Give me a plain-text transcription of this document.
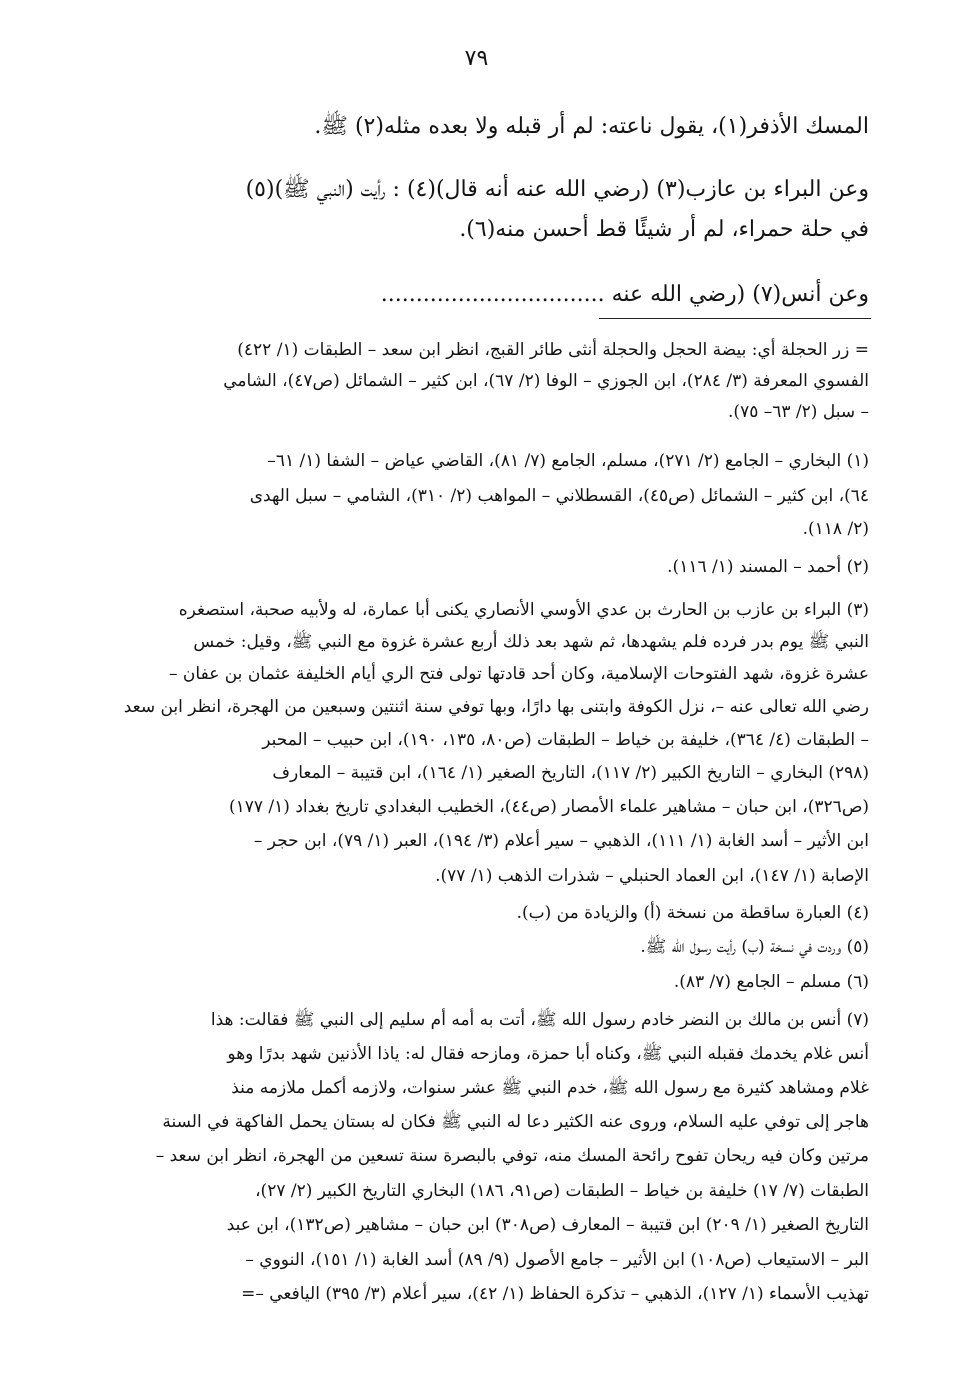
٧٩
المسك الأذفر(١)، يقول ناعته: لم أر قبله ولا بعده مثله(٢) ﷺ.
وعن البراء بن عازب(٣) (رضي الله عنه أنه قال)(٤) : رأيت (النبي ﷺ)(٥)
في حلة حمراء، لم أر شيئًا قط أحسن منه(٦).
وعن أنس(٧) (رضي الله عنه ................................
= زر الحجلة أي: بيضة الحجل والحجلة أنثى طائر القبج، انظر ابن سعد – الطبقات (١/ ٤٢٢)
الفسوي المعرفة (٣/ ٢٨٤)، ابن الجوزي – الوفا (٢/ ٦٧)، ابن كثير – الشمائل (ص٤٧)، الشامي
– سبل (٢/ ٦٣– ٧٥).
(١) البخاري – الجامع (٢/ ٢٧١)، مسلم، الجامع (٧/ ٨١)، القاضي عياض – الشفا (١/ ٦١–
٦٤)، ابن كثير – الشمائل (ص٤٥)، القسطلاني – المواهب (٢/ ٣١٠)، الشامي – سبل الهدى
(٢/ ١١٨).
(٢) أحمد – المسند (١/ ١١٦).
(٣) البراء بن عازب بن الحارث بن عدي الأوسي الأنصاري يكنى أبا عمارة، له ولأبيه صحبة، استصغره
النبي ﷺ يوم بدر فرده فلم يشهدها، ثم شهد بعد ذلك أربع عشرة غزوة مع النبي ﷺ، وقيل: خمس
عشرة غزوة، شهد الفتوحات الإسلامية، وكان أحد قادتها تولى فتح الري أيام الخليفة عثمان بن عفان –
رضي الله تعالى عنه –، نزل الكوفة وابتنى بها دارًا، وبها توفي سنة اثنتين وسبعين من الهجرة، انظر ابن سعد
– الطبقات (٤/ ٣٦٤)، خليفة بن خياط – الطبقات (ص٨٠، ١٣٥، ١٩٠)، ابن حبيب – المحبر
(٢٩٨) البخاري – التاريخ الكبير (٢/ ١١٧)، التاريخ الصغير (١/ ١٦٤)، ابن قتيبة – المعارف
(ص٣٢٦)، ابن حبان – مشاهير علماء الأمصار (ص٤٤)، الخطيب البغدادي تاريخ بغداد (١/ ١٧٧)
ابن الأثير – أسد الغابة (١/ ١١١)، الذهبي – سير أعلام (٣/ ١٩٤)، العبر (١/ ٧٩)، ابن حجر –
الإصابة (١/ ١٤٧)، ابن العماد الحنبلي – شذرات الذهب (١/ ٧٧).
(٤) العبارة ساقطة من نسخة (أ) والزيادة من (ب).
(٥) وردت في نسخة (ب) رأيت رسول الله ﷺ.
(٦) مسلم – الجامع (٧/ ٨٣).
(٧) أنس بن مالك بن النضر خادم رسول الله ﷺ، أتت به أمه أم سليم إلى النبي ﷺ فقالت: هذا
أنس غلام يخدمك فقبله النبي ﷺ، وكناه أبا حمزة، ومازحه فقال له: ياذا الأذنين شهد بدرًا وهو
غلام ومشاهد كثيرة مع رسول الله ﷺ، خدم النبي ﷺ عشر سنوات، ولازمه أكمل ملازمه منذ
هاجر إلى توفي عليه السلام، وروى عنه الكثير دعا له النبي ﷺ فكان له بستان يحمل الفاكهة في السنة
مرتين وكان فيه ريحان تفوح رائحة المسك منه، توفي بالبصرة سنة تسعين من الهجرة، انظر ابن سعد –
الطبقات (٧/ ١٧) خليفة بن خياط – الطبقات (ص٩١، ١٨٦) البخاري التاريخ الكبير (٢/ ٢٧)،
التاريخ الصغير (١/ ٢٠٩) ابن قتيبة – المعارف (ص٣٠٨) ابن حبان – مشاهير (ص١٣٢)، ابن عبد
البر – الاستيعاب (ص١٠٨) ابن الأثير – جامع الأصول (٩/ ٨٩) أسد الغابة (١/ ١٥١)، النووي –
تهذيب الأسماء (١/ ١٢٧)، الذهبي – تذكرة الحفاظ (١/ ٤٢)، سير أعلام (٣/ ٣٩٥) اليافعي –=
